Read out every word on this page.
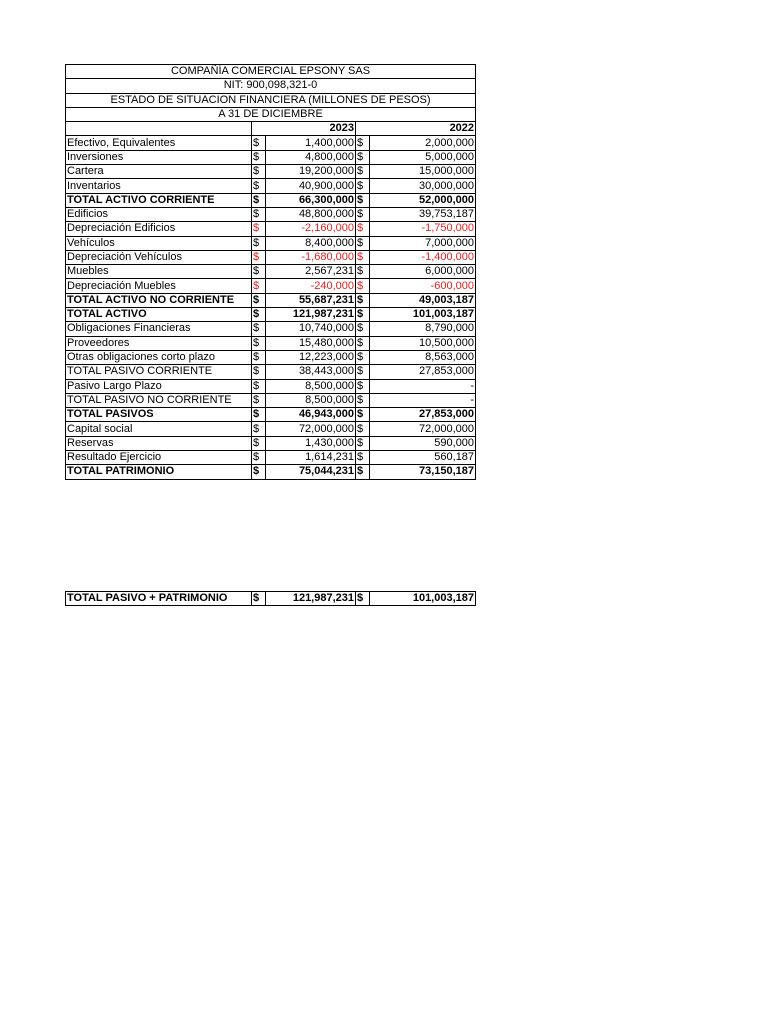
COMPAÑÍA COMERCIAL EPSONY SAS				
NIT: 900,098,321-0				
ESTADO DE SITUACION FINANCIERA (MILLONES DE PESOS)				
A 31 DE DICIEMBRE				
	2023		2022	
Efectivo, Equivalentes	$	1,400,000	$	2,000,000
Inversiones	$	4,800,000	$	5,000,000
Cartera	$	19,200,000	$	15,000,000
Inventarios	$	40,900,000	$	30,000,000
TOTAL ACTIVO CORRIENTE	$	66,300,000	$	52,000,000
Edificios	$	48,800,000	$	39,753,187
Depreciación Edificios	$	-2,160,000	$	-1,750,000
Vehículos	$	8,400,000	$	7,000,000
Depreciación Vehículos	$	-1,680,000	$	-1,400,000
Muebles	$	2,567,231	$	6,000,000
Depreciación Muebles	$	-240,000	$	-600,000
TOTAL ACTIVO NO CORRIENTE	$	55,687,231	$	49,003,187
TOTAL ACTIVO	$	121,987,231	$	101,003,187
Obligaciones Financieras	$	10,740,000	$	8,790,000
Proveedores	$	15,480,000	$	10,500,000
Otras obligaciones corto plazo	$	12,223,000	$	8,563,000
TOTAL PASIVO CORRIENTE	$	38,443,000	$	27,853,000
Pasivo Largo Plazo	$	8,500,000	$	-
TOTAL PASIVO NO CORRIENTE	$	8,500,000	$	-
TOTAL PASIVOS	$	46,943,000	$	27,853,000
Capital social	$	72,000,000	$	72,000,000
Reservas	$	1,430,000	$	590,000
Resultado Ejercicio	$	1,614,231	$	560,187
TOTAL PATRIMONIO	$	75,044,231	$	73,150,187
TOTAL PASIVO + PATRIMONIO	$	121,987,231	$	101,003,187
